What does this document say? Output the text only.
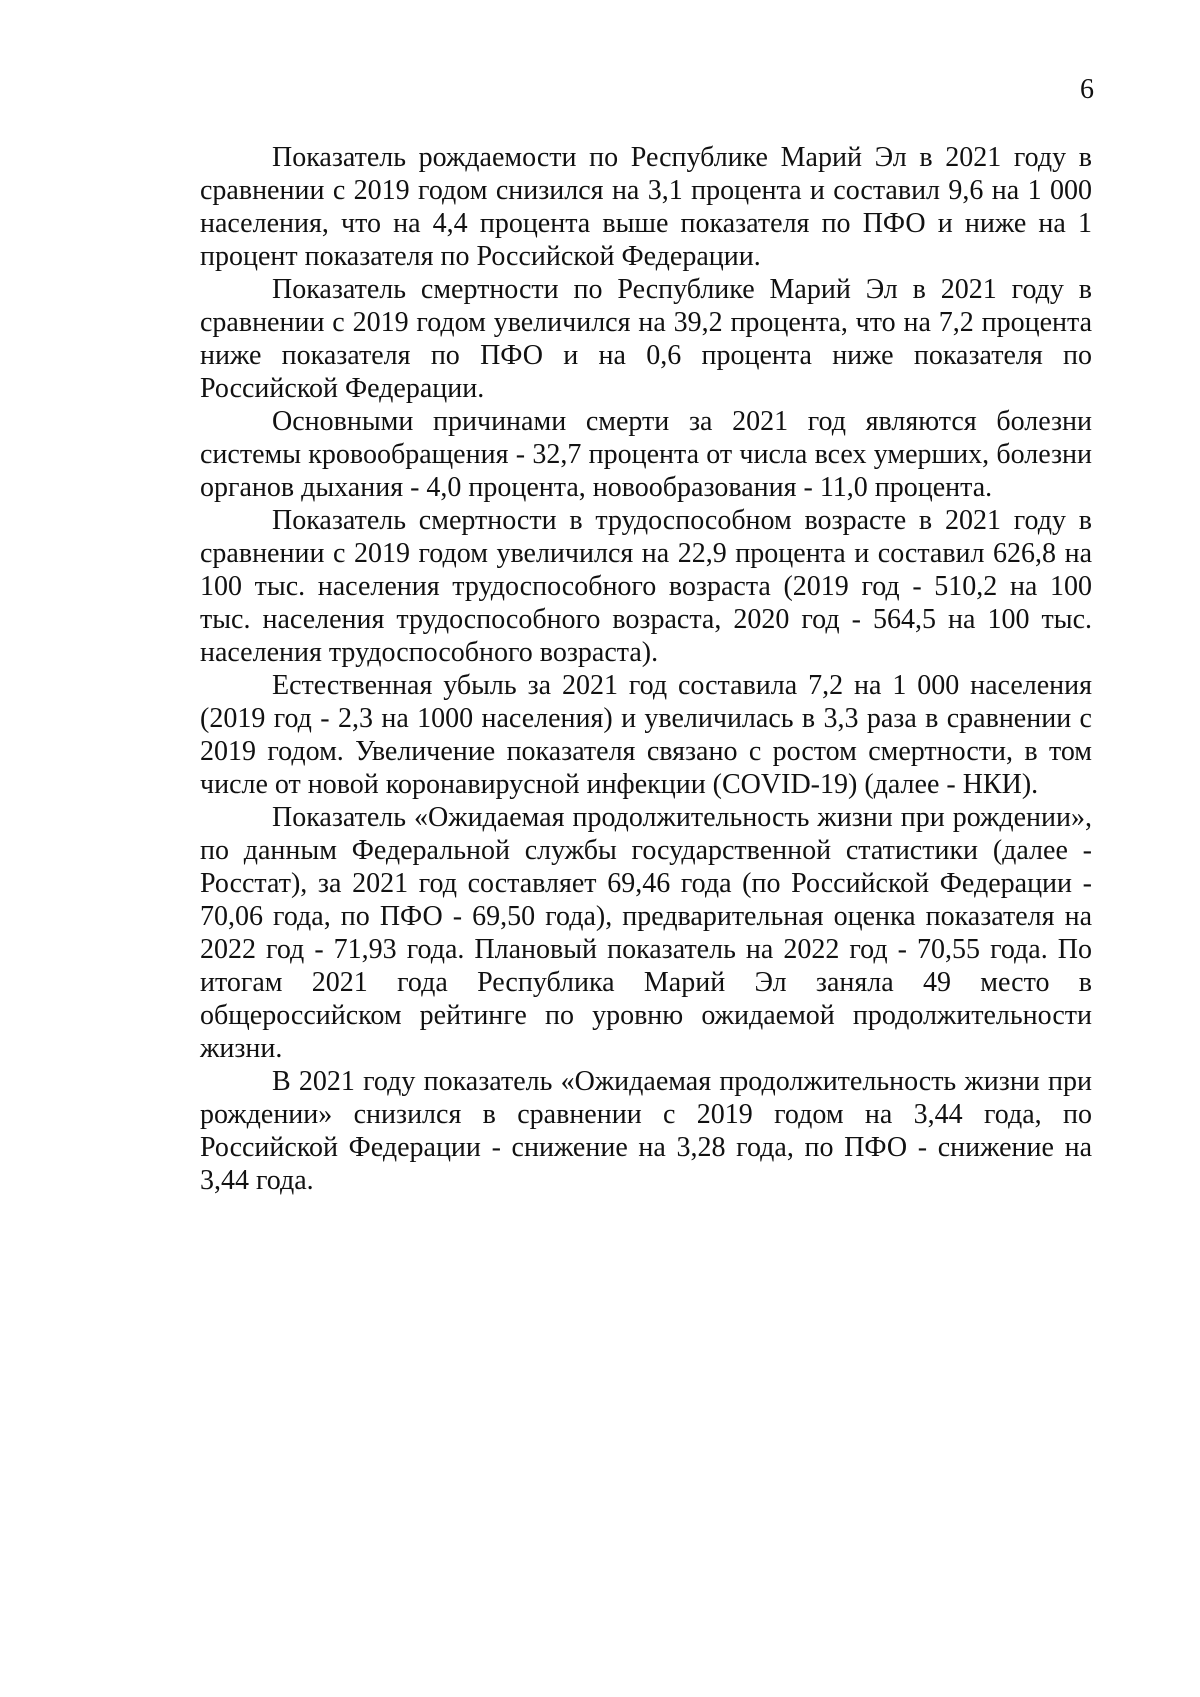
6

Показатель рождаемости по Республике Марий Эл в 2021 году в сравнении с 2019 годом снизился на 3,1 процента и составил 9,6 на 1 000 населения, что на 4,4 процента выше показателя по ПФО и ниже на 1 процент показателя по Российской Федерации.

Показатель смертности по Республике Марий Эл в 2021 году в сравнении с 2019 годом увеличился на 39,2 процента, что на 7,2 процента ниже показателя по ПФО и на 0,6 процента ниже показателя по Российской Федерации.

Основными причинами смерти за 2021 год являются болезни системы кровообращения - 32,7 процента от числа всех умерших, болезни органов дыхания - 4,0 процента, новообразования - 11,0 процента.

Показатель смертности в трудоспособном возрасте в 2021 году в сравнении с 2019 годом увеличился на 22,9 процента и составил 626,8 на 100 тыс. населения трудоспособного возраста (2019 год - 510,2 на 100 тыс. населения трудоспособного возраста, 2020 год - 564,5 на 100 тыс. населения трудоспособного возраста).

Естественная убыль за 2021 год составила 7,2 на 1 000 населения (2019 год - 2,3 на 1000 населения) и увеличилась в 3,3 раза в сравнении с 2019 годом. Увеличение показателя связано с ростом смертности, в том числе от новой коронавирусной инфекции (COVID-19) (далее - НКИ).

Показатель «Ожидаемая продолжительность жизни при рождении», по данным Федеральной службы государственной статистики (далее - Росстат), за 2021 год составляет 69,46 года (по Российской Федерации - 70,06 года, по ПФО - 69,50 года), предварительная оценка показателя на 2022 год - 71,93 года. Плановый показатель на 2022 год - 70,55 года. По итогам 2021 года Республика Марий Эл заняла 49 место в общероссийском рейтинге по уровню ожидаемой продолжительности жизни.

В 2021 году показатель «Ожидаемая продолжительность жизни при рождении» снизился в сравнении с 2019 годом на 3,44 года, по Российской Федерации - снижение на 3,28 года, по ПФО - снижение на 3,44 года.
